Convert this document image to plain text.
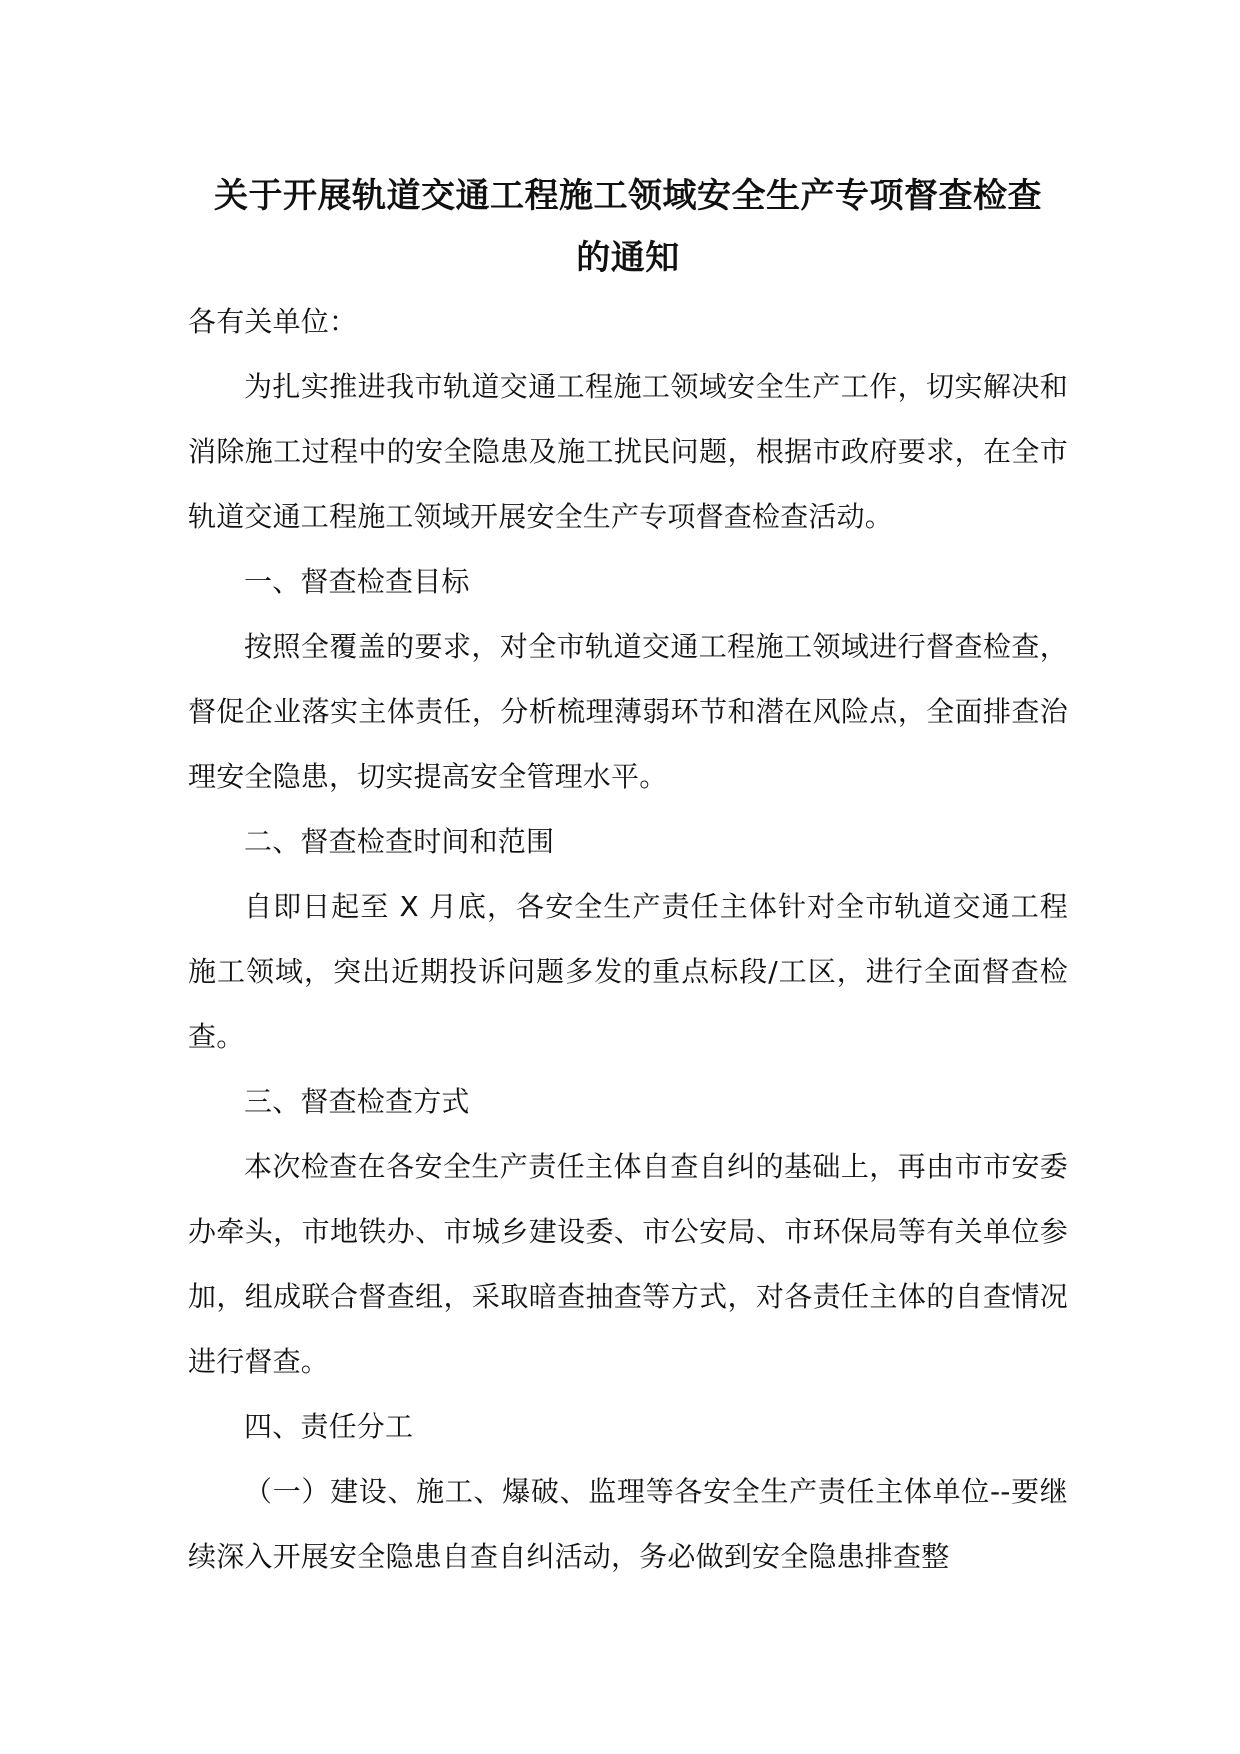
关于开展轨道交通工程施工领域安全生产专项督查检查
的通知

各有关单位：

为扎实推进我市轨道交通工程施工领域安全生产工作，切实解决和消除施工过程中的安全隐患及施工扰民问题，根据市政府要求，在全市轨道交通工程施工领域开展安全生产专项督查检查活动。

一、督查检查目标

按照全覆盖的要求，对全市轨道交通工程施工领域进行督查检查，督促企业落实主体责任，分析梳理薄弱环节和潜在风险点，全面排查治理安全隐患，切实提高安全管理水平。

二、督查检查时间和范围

自即日起至 X 月底，各安全生产责任主体针对全市轨道交通工程施工领域，突出近期投诉问题多发的重点标段/工区，进行全面督查检查。

三、督查检查方式

本次检查在各安全生产责任主体自查自纠的基础上，再由市市安委办牵头，市地铁办、市城乡建设委、市公安局、市环保局等有关单位参加，组成联合督查组，采取暗查抽查等方式，对各责任主体的自查情况进行督查。

四、责任分工

（一）建设、施工、爆破、监理等各安全生产责任主体单位--要继续深入开展安全隐患自查自纠活动，务必做到安全隐患排查整
